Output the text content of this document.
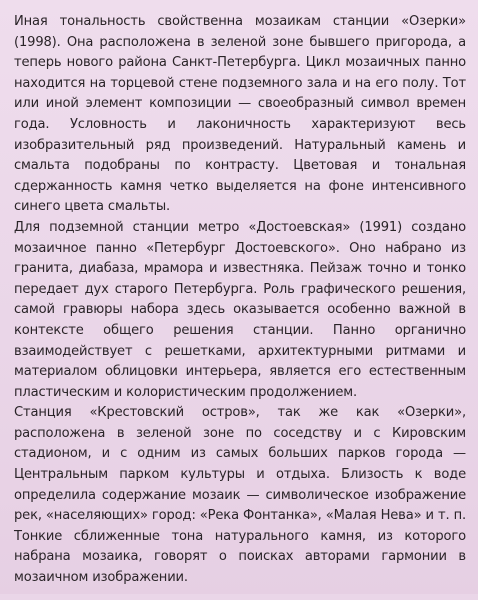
Иная тональность свойственна мозаикам станции «Озерки» (1998). Она расположена в зеленой зоне бывшего пригорода, а теперь нового района Санкт-Петербурга. Цикл мозаичных панно находится на торцевой стене подземного зала и на его полу. Тот или иной элемент композиции — своеобразный символ времен года. Условность и лаконичность характеризуют весь изобразительный ряд произведений. Натуральный камень и смальта подобраны по контрасту. Цветовая и тональная сдержанность камня четко выделяется на фоне интенсивного синего цвета смальты.

Для подземной станции метро «Достоевская» (1991) создано мозаичное панно «Петербург Достоевского». Оно набрано из гранита, диабаза, мрамора и известняка. Пейзаж точно и тонко передает дух старого Петербурга. Роль графического решения, самой гравюры набора здесь оказывается особенно важной в контексте общего решения станции. Панно органично взаимодействует с решетками, архитектурными ритмами и материалом облицовки интерьера, является его естественным пластическим и колористическим продолжением.

Станция «Крестовский остров», так же как «Озерки», расположена в зеленой зоне по соседству и с Кировским стадионом, и с одним из самых больших парков города — Центральным парком культуры и отдыха. Близость к воде определила содержание мозаик — символическое изображение рек, «населяющих» город: «Река Фонтанка», «Малая Нева» и т. п. Тонкие сближенные тона натурального камня, из которого набрана мозаика, говорят о поисках авторами гармонии в мозаичном изображении.
